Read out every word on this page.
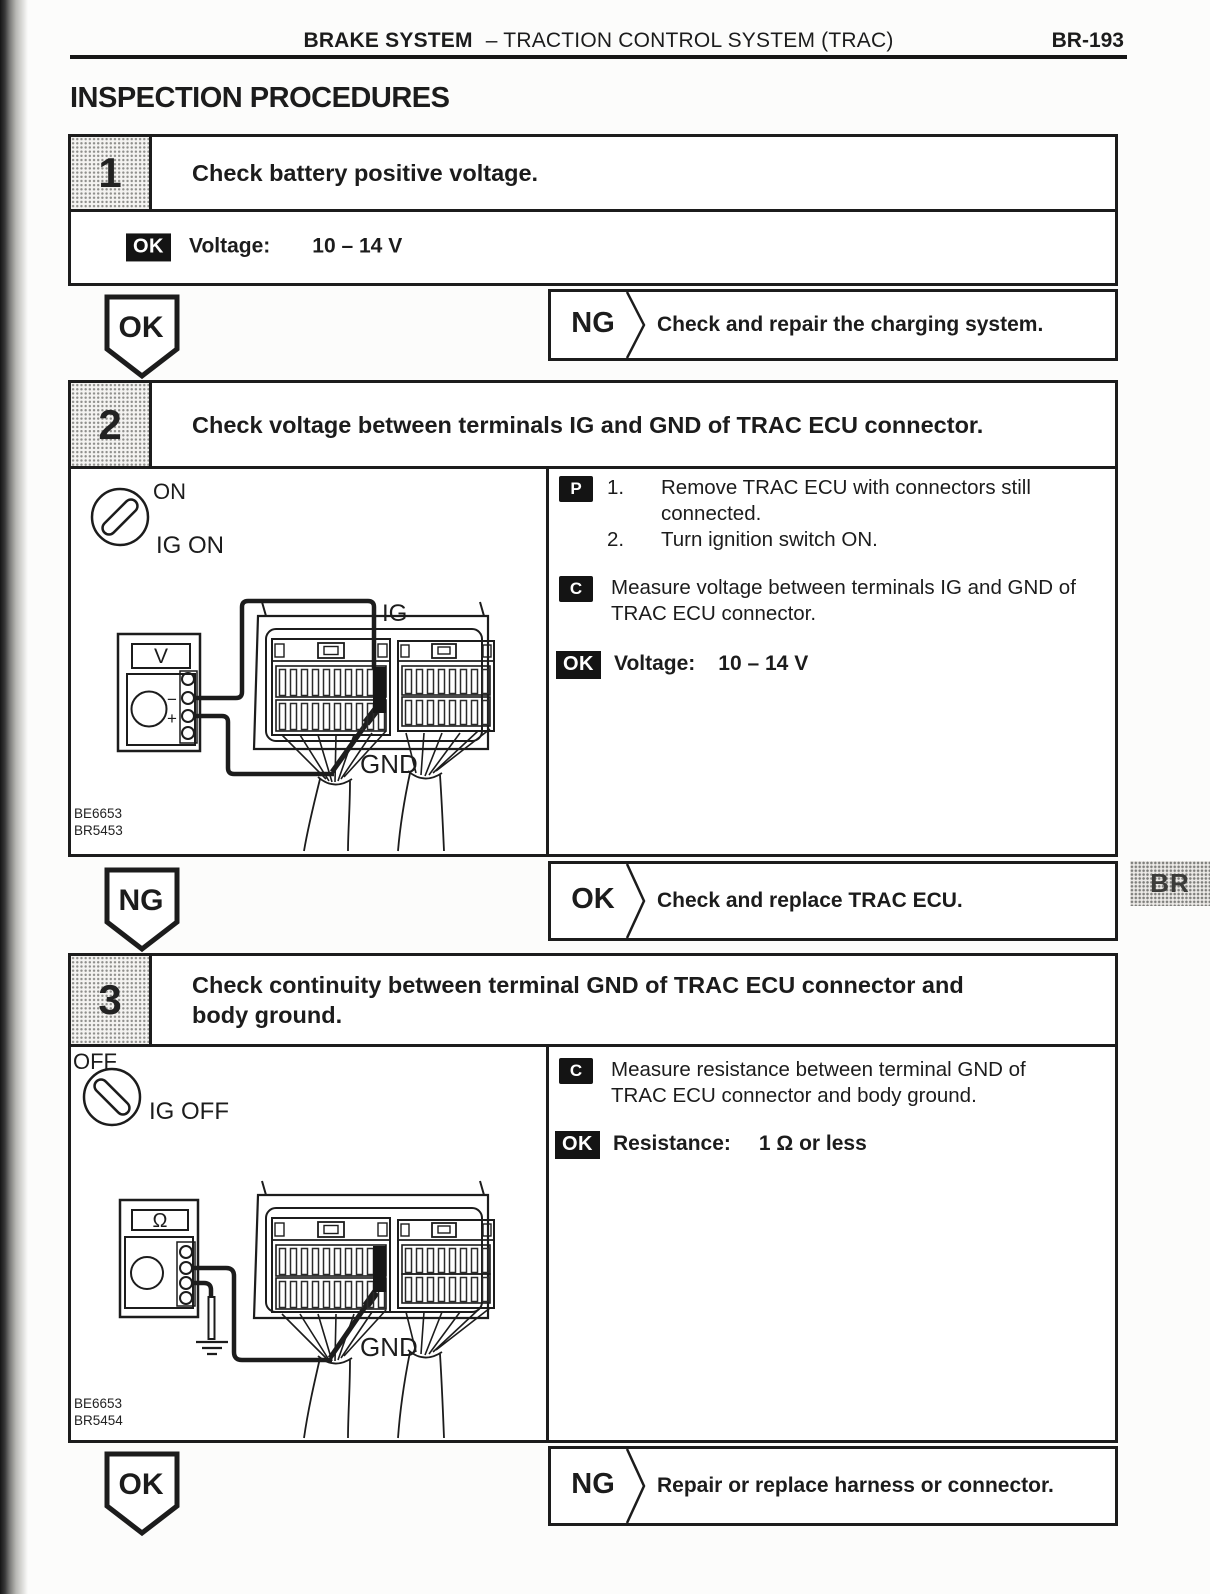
BRAKE SYSTEM – TRACTION CONTROL SYSTEM (TRAC)	BR-193
INSPECTION PROCEDURES
1	Check battery positive voltage.
OK	Voltage: 10 – 14 V
OK	NG	Check and repair the charging system.
2	Check voltage between terminals IG and GND of TRAC ECU connector.
ON
IG ON
V
−
+
IG
GND
BE6653
BR5453
P	1.	Remove TRAC ECU with connectors still connected.
2.	Turn ignition switch ON.
C	Measure voltage between terminals IG and GND of TRAC ECU connector.
OK Voltage: 10 – 14 V
NG	OK	Check and replace TRAC ECU.
BR
3	Check continuity between terminal GND of TRAC ECU connector and
body ground.
OFF
IG OFF
Ω
GND
BE6653
BR5454
C	Measure resistance between terminal GND of TRAC ECU connector and body ground.
OK Resistance: 1 Ω or less
OK	NG	Repair or replace harness or connector.
